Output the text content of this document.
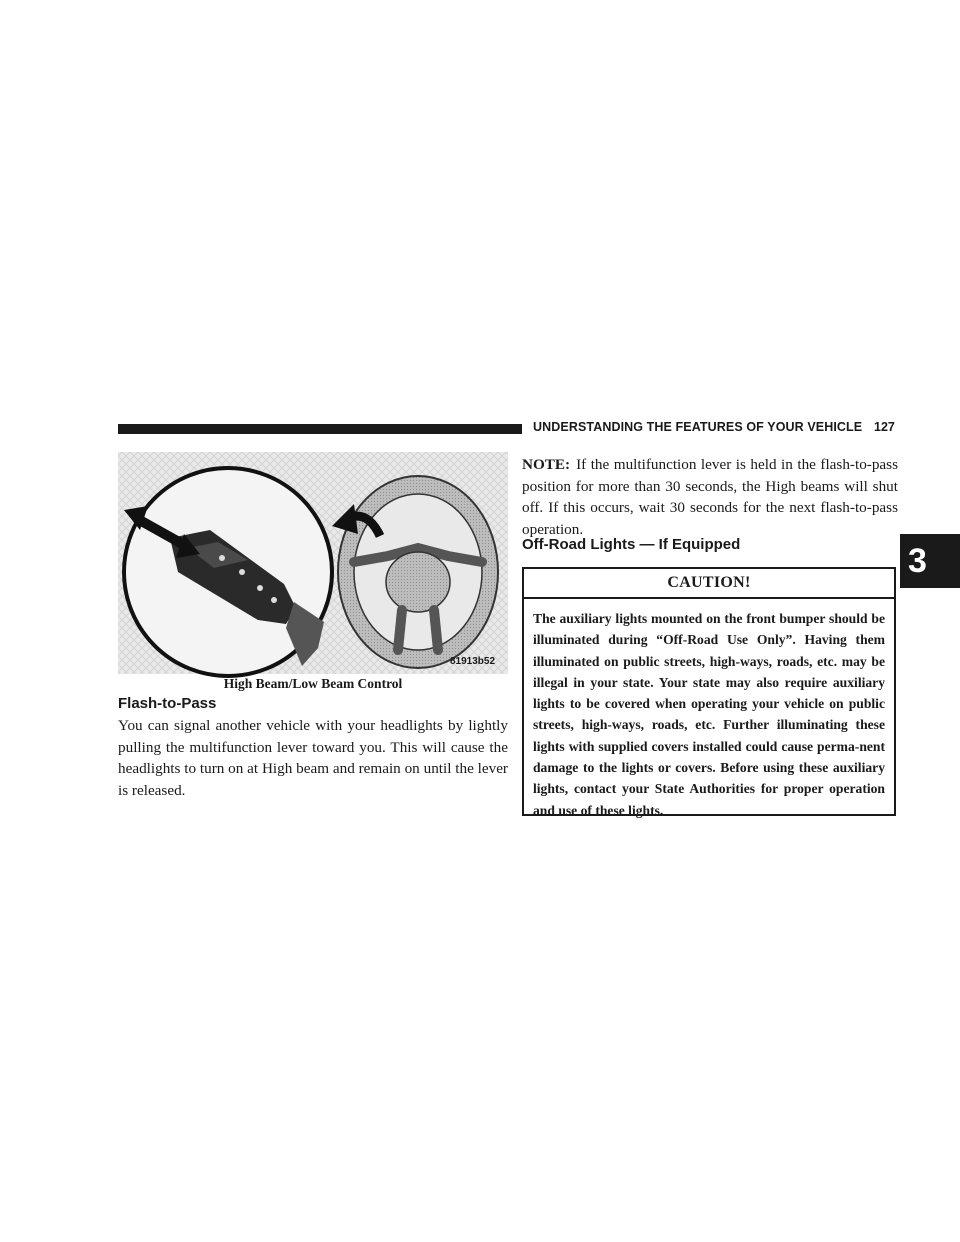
UNDERSTANDING THE FEATURES OF YOUR VEHICLE 127
3
81913b52
High Beam/Low Beam Control
Flash-to-Pass

You can signal another vehicle with your headlights by lightly pulling the multifunction lever toward you. This will cause the headlights to turn on at High beam and remain on until the lever is released.

NOTE: If the multifunction lever is held in the flash-to-pass position for more than 30 seconds, the High beams will shut off. If this occurs, wait 30 seconds for the next flash-to-pass operation.

Off-Road Lights — If Equipped
CAUTION!

The auxiliary lights mounted on the front bumper should be illuminated during “Off-Road Use Only”. Having them illuminated on public streets, high-ways, roads, etc. may be illegal in your state. Your state may also require auxiliary lights to be covered when operating your vehicle on public streets, high-ways, roads, etc. Further illuminating these lights with supplied covers installed could cause perma-nent damage to the lights or covers. Before using these auxiliary lights, contact your State Authorities for proper operation and use of these lights.
